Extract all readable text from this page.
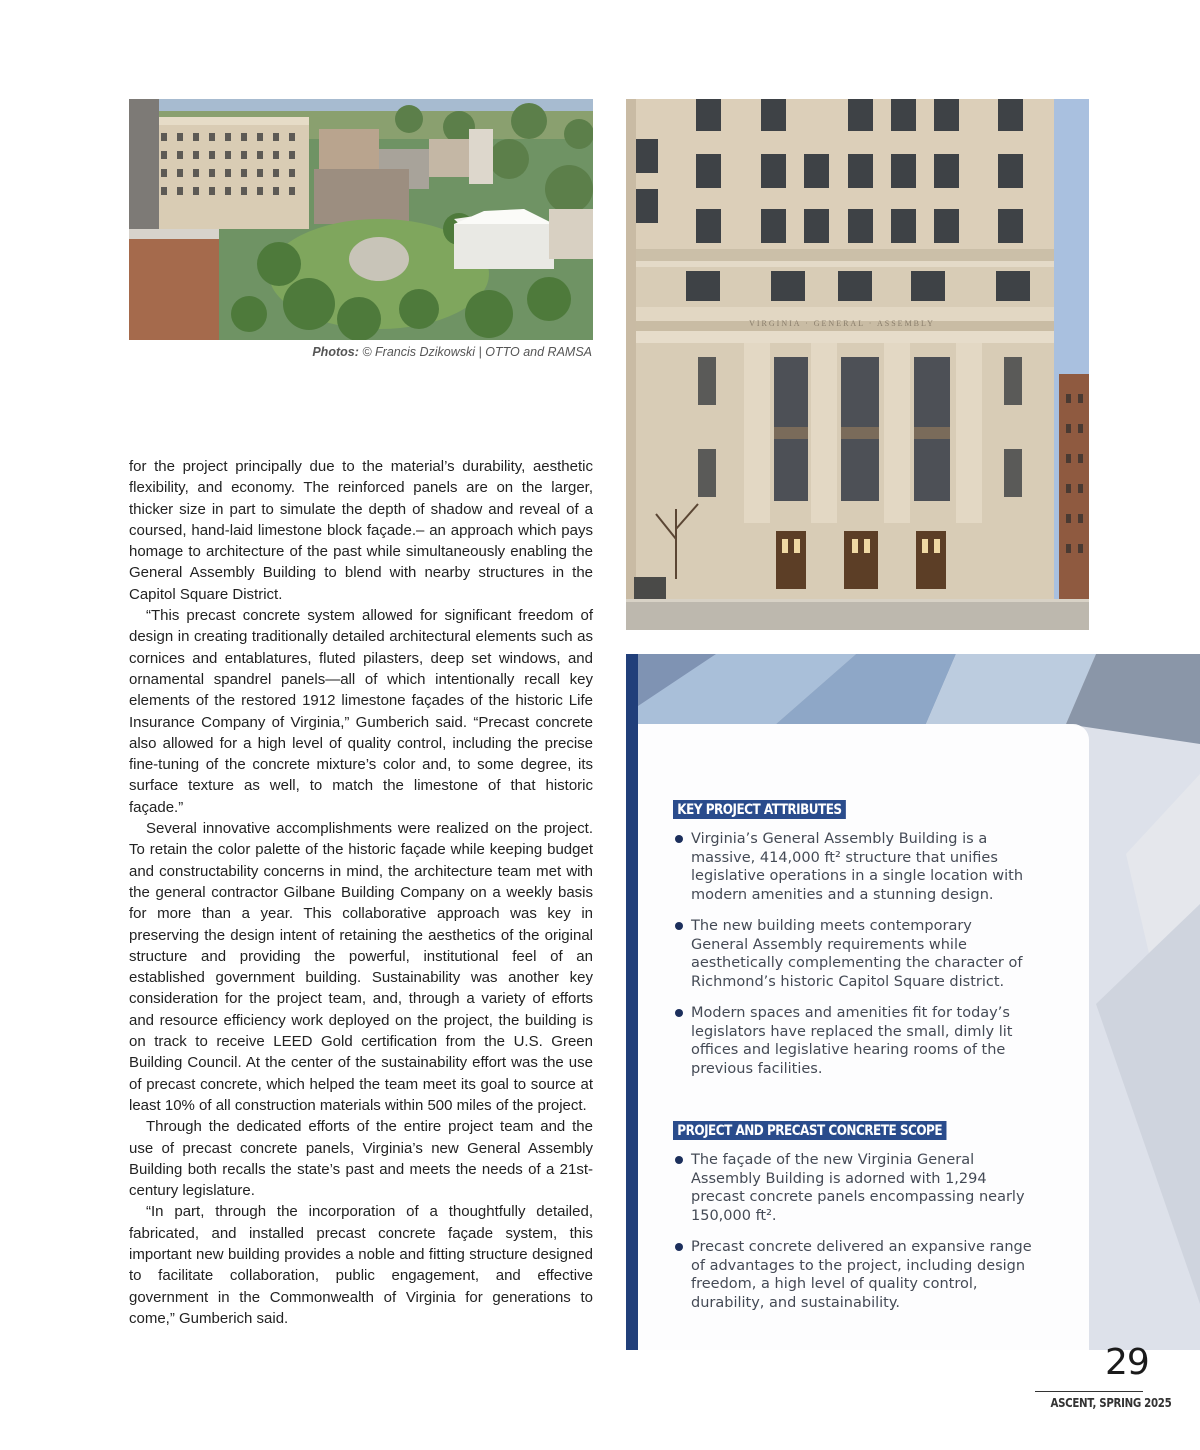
Photos: © Francis Dzikowski | OTTO and RAMSA

for the project principally due to the material’s durability, aesthetic flexibility, and economy. The reinforced panels are on the larger, thicker size in part to simulate the depth of shadow and reveal of a coursed, hand-laid limestone block façade.– an approach which pays homage to architecture of the past while simultaneously enabling the General Assembly Building to blend with nearby structures in the Capitol Square District.

“This precast concrete system allowed for significant freedom of design in creating traditionally detailed architectural elements such as cornices and entablatures, fluted pilasters, deep set windows, and ornamental spandrel panels—all of which intentionally recall key elements of the restored 1912 limestone façades of the historic Life Insurance Company of Virginia,” Gumberich said. “Precast concrete also allowed for a high level of quality control, including the precise fine-tuning of the concrete mixture’s color and, to some degree, its surface texture as well, to match the limestone of that historic façade.”

Several innovative accomplishments were realized on the project. To retain the color palette of the historic façade while keeping budget and constructability concerns in mind, the architecture team met with the general contractor Gilbane Building Company on a weekly basis for more than a year. This collaborative approach was key in preserving the design intent of retaining the aesthetics of the original structure and providing the powerful, institutional feel of an established government building. Sustainability was another key consideration for the project team, and, through a variety of efforts and resource efficiency work deployed on the project, the building is on track to receive LEED Gold certification from the U.S. Green Building Council. At the center of the sustainability effort was the use of precast concrete, which helped the team meet its goal to source at least 10% of all construction materials within 500 miles of the project.

Through the dedicated efforts of the entire project team and the use of precast concrete panels, Virginia’s new General Assembly Building both recalls the state’s past and meets the needs of a 21st-century legislature.

“In part, through the incorporation of a thoughtfully detailed, fabricated, and installed precast concrete façade system, this important new building provides a noble and fitting structure designed to facilitate collaboration, public engagement, and effective government in the Commonwealth of Virginia for generations to come,” Gumberich said.

VIRGINIA · GENERAL · ASSEMBLY
KEY PROJECT ATTRIBUTES
Virginia’s General Assembly Building is a massive, 414,000 ft² structure that unifies legislative operations in a single location with modern amenities and a stunning design.
The new building meets contemporary General Assembly requirements while aesthetically complementing the character of Richmond’s historic Capitol Square district.
Modern spaces and amenities fit for today’s legislators have replaced the small, dimly lit offices and legislative hearing rooms of the previous facilities.
PROJECT AND PRECAST CONCRETE SCOPE
The façade of the new Virginia General Assembly Building is adorned with 1,294 precast concrete panels encompassing nearly 150,000 ft².
Precast concrete delivered an expansive range of advantages to the project, including design freedom, a high level of quality control, durability, and sustainability.
29
ASCENT, SPRING 2025
